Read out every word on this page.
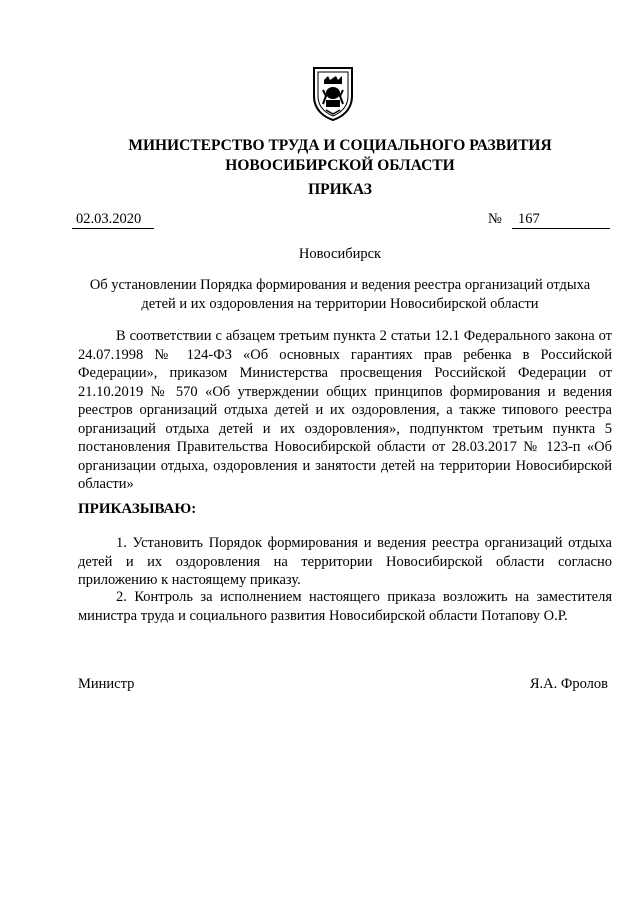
МИНИСТЕРСТВО ТРУДА И СОЦИАЛЬНОГО РАЗВИТИЯ
НОВОСИБИРСКОЙ ОБЛАСТИ
ПРИКАЗ
02.03.2020	№	167
Новосибирск
Об установлении Порядка формирования и ведения реестра организаций отдыха
детей и их оздоровления на территории Новосибирской области

В соответствии с абзацем третьим пункта 2 статьи 12.1 Федерального закона от 24.07.1998 № 124-ФЗ «Об основных гарантиях прав ребенка в Российской Федерации», приказом Министерства просвещения Российской Федерации от 21.10.2019 № 570 «Об утверждении общих принципов формирования и ведения реестров организаций отдыха детей и их оздоровления, а также типового реестра организаций отдыха детей и их оздоровления», подпунктом третьим пункта 5 постановления Правительства Новосибирской области от 28.03.2017 № 123-п «Об организации отдыха, оздоровления и занятости детей на территории Новосибирской области»

ПРИКАЗЫВАЮ:

1. Установить Порядок формирования и ведения реестра организаций отдыха детей и их оздоровления на территории Новосибирской области согласно приложению к настоящему приказу.

2. Контроль за исполнением настоящего приказа возложить на заместителя министра труда и социального развития Новосибирской области Потапову О.Р.

Министр	Я.А. Фролов
